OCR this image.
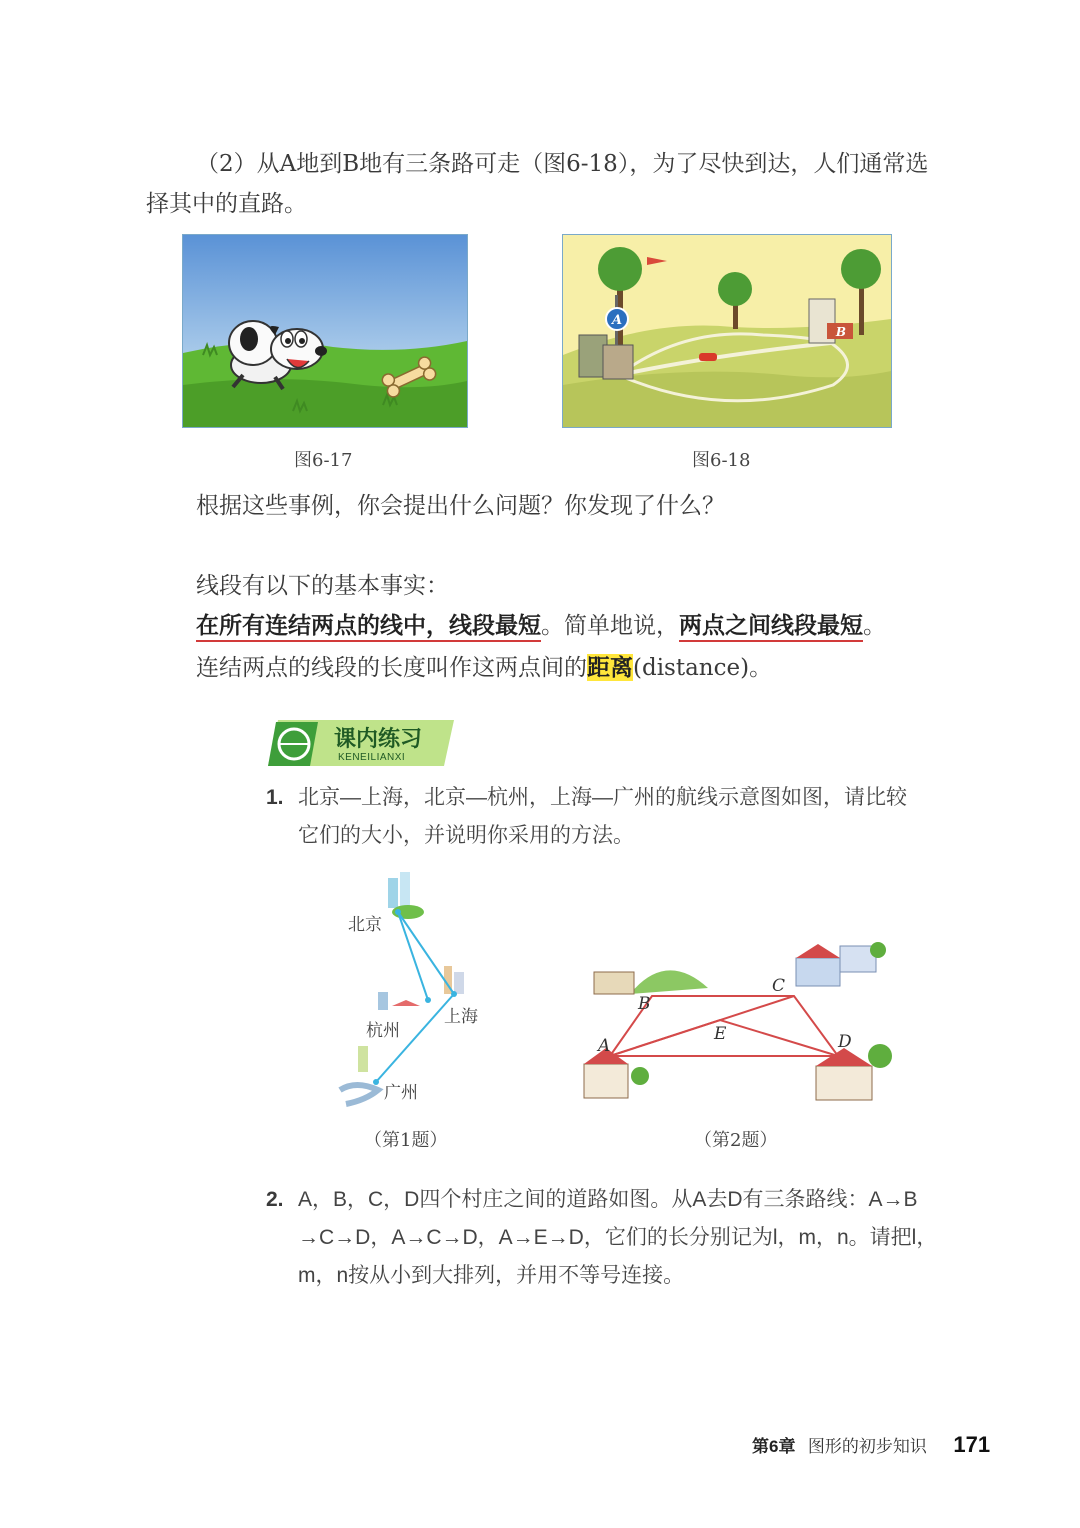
（2）从A地到B地有三条路可走（图6-18），为了尽快到达，人们通常选
择其中的直路。
A
B
图6-17	图6-18
根据这些事例，你会提出什么问题？你发现了什么？
线段有以下的基本事实：
在所有连结两点的线中，线段最短。简单地说，两点之间线段最短。
连结两点的线段的长度叫作这两点间的距离(distance)。
课内练习
KENEILIANXI
1. 北京—上海，北京—杭州，上海—广州的航线示意图如图，请比较
它们的大小，并说明你采用的方法。
北京
上海
杭州
广州
B
C
E
A	D
（第1题）	（第2题）
2. A，B，C，D四个村庄之间的道路如图。从A去D有三条路线：A→B
→C→D，A→C→D，A→E→D，它们的长分别记为l，m，n。请把l，
m，n按从小到大排列，并用不等号连接。
第6章 图形的初步知识 171
